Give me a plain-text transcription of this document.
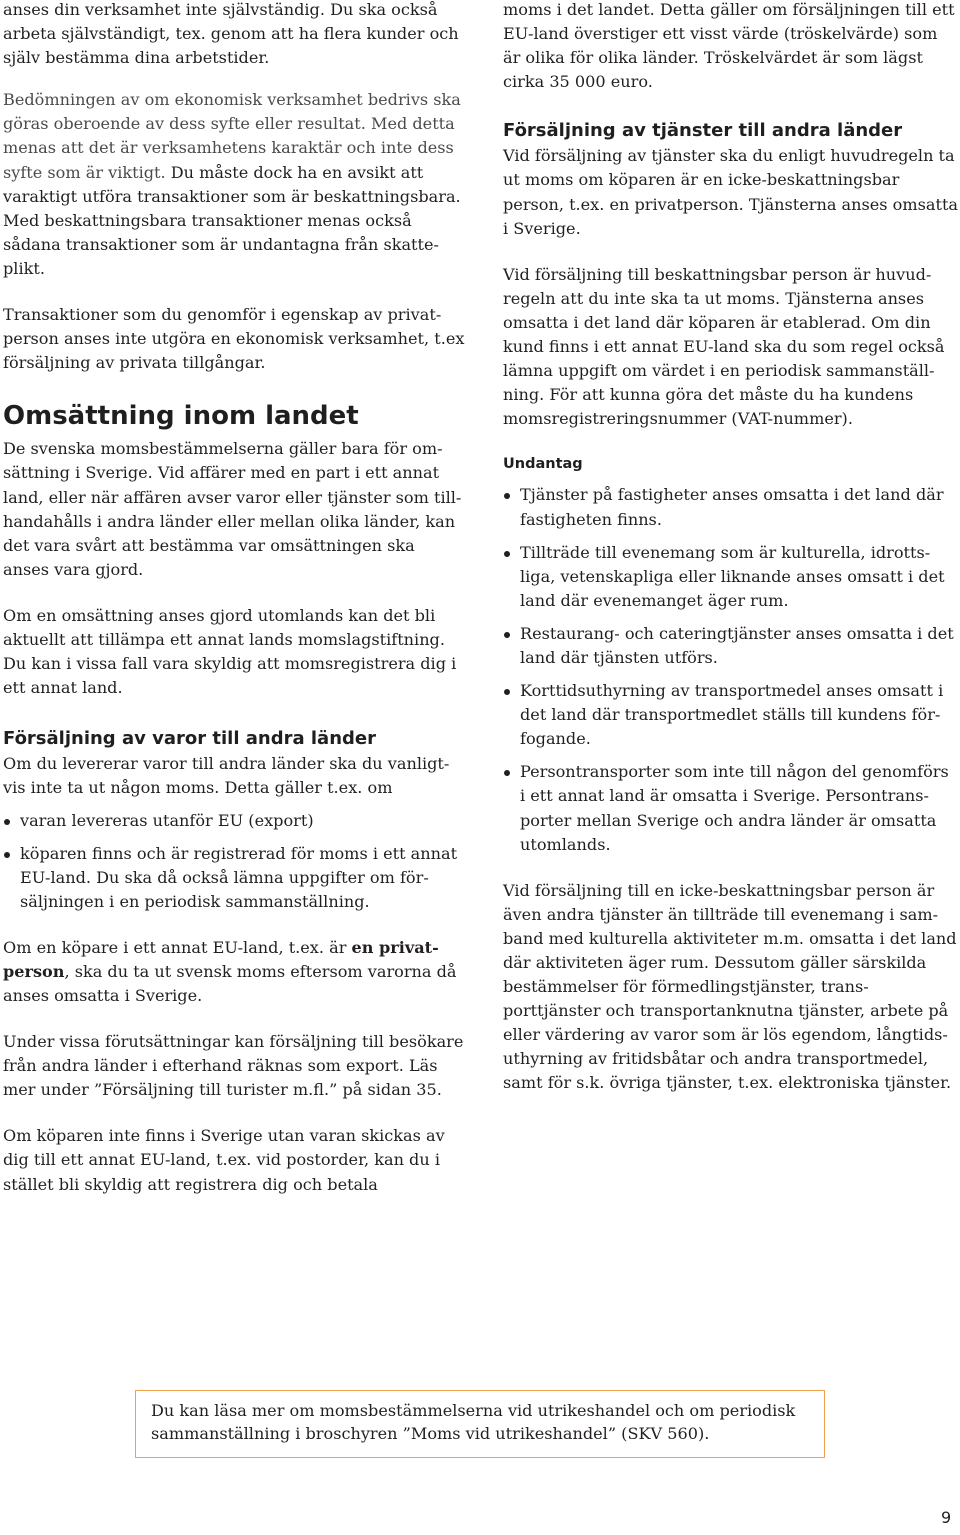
anses din verksamhet inte självständig. Du ska också arbeta självständigt, tex. genom att ha flera kunder och själv bestämma dina arbetstider.

Bedömningen av om ekonomisk verksamhet bedrivs ska göras oberoende av dess syfte eller resultat. Med detta menas att det är verksamhetens karaktär och inte dess syfte som är viktigt. Du måste dock ha en avsikt att varaktigt utföra transaktioner som är beskattningsbara. Med beskattningsbara transaktioner menas också sådana transaktioner som är undantagna från skatteplikt.

Transaktioner som du genomför i egenskap av privatperson anses inte utgöra en ekonomisk verksamhet, t.ex försäljning av privata tillgångar.

Omsättning inom landet

De svenska momsbestämmelserna gäller bara för omsättning i Sverige. Vid affärer med en part i ett annat land, eller när affären avser varor eller tjänster som tillhandahålls i andra länder eller mellan olika länder, kan det vara svårt att bestämma var omsättningen ska anses vara gjord.

Om en omsättning anses gjord utomlands kan det bli aktuellt att tillämpa ett annat lands momslagstiftning. Du kan i vissa fall vara skyldig att momsregistrera dig i ett annat land.

Försäljning av varor till andra länder

Om du levererar varor till andra länder ska du vanligtvis inte ta ut någon moms. Detta gäller t.ex. om

varan levereras utanför EU (export)
köparen finns och är registrerad för moms i ett annat EU-land. Du ska då också lämna uppgifter om försäljningen i en periodisk sammanställning.

Om en köpare i ett annat EU-land, t.ex. är en privatperson, ska du ta ut svensk moms eftersom varorna då anses omsatta i Sverige.

Under vissa förutsättningar kan försäljning till besökare från andra länder i efterhand räknas som export. Läs mer under ”Försäljning till turister m.fl.” på sidan 35.

Om köparen inte finns i Sverige utan varan skickas av dig till ett annat EU-land, t.ex. vid postorder, kan du i stället bli skyldig att registrera dig och betala

moms i det landet. Detta gäller om försäljningen till ett EU-land överstiger ett visst värde (tröskelvärde) som är olika för olika länder. Tröskelvärdet är som lägst cirka 35 000 euro.

Försäljning av tjänster till andra länder

Vid försäljning av tjänster ska du enligt huvudregeln ta ut moms om köparen är en icke-beskattningsbar person, t.ex. en privatperson. Tjänsterna anses omsatta i Sverige.

Vid försäljning till beskattningsbar person är huvudregeln att du inte ska ta ut moms. Tjänsterna anses omsatta i det land där köparen är etablerad. Om din kund finns i ett annat EU-land ska du som regel också lämna uppgift om värdet i en periodisk sammanställning. För att kunna göra det måste du ha kundens momsregistreringsnummer (VAT-nummer).

Undantag
Tjänster på fastigheter anses omsatta i det land där fastigheten finns.
Tillträde till evenemang som är kulturella, idrottsliga, vetenskapliga eller liknande anses omsatt i det land där evenemanget äger rum.
Restaurang- och cateringtjänster anses omsatta i det land där tjänsten utförs.
Korttidsuthyrning av transportmedel anses omsatt i det land där transportmedlet ställs till kundens förfogande.
Persontransporter som inte till någon del genomförs i ett annat land är omsatta i Sverige. Persontransporter mellan Sverige och andra länder är omsatta utomlands.

Vid försäljning till en icke-beskattningsbar person är även andra tjänster än tillträde till evenemang i samband med kulturella aktiviteter m.m. omsatta i det land där aktiviteten äger rum. Dessutom gäller särskilda bestämmelser för förmedlingstjänster, transporttjänster och transportanknutna tjänster, arbete på eller värdering av varor som är lös egendom, långtidsuthyrning av fritidsbåtar och andra transportmedel, samt för s.k. övriga tjänster, t.ex. elektroniska tjänster.

Du kan läsa mer om momsbestämmelserna vid utrikeshandel och om periodisk sammanställning i broschyren ”Moms vid utrikeshandel” (SKV 560).

9
